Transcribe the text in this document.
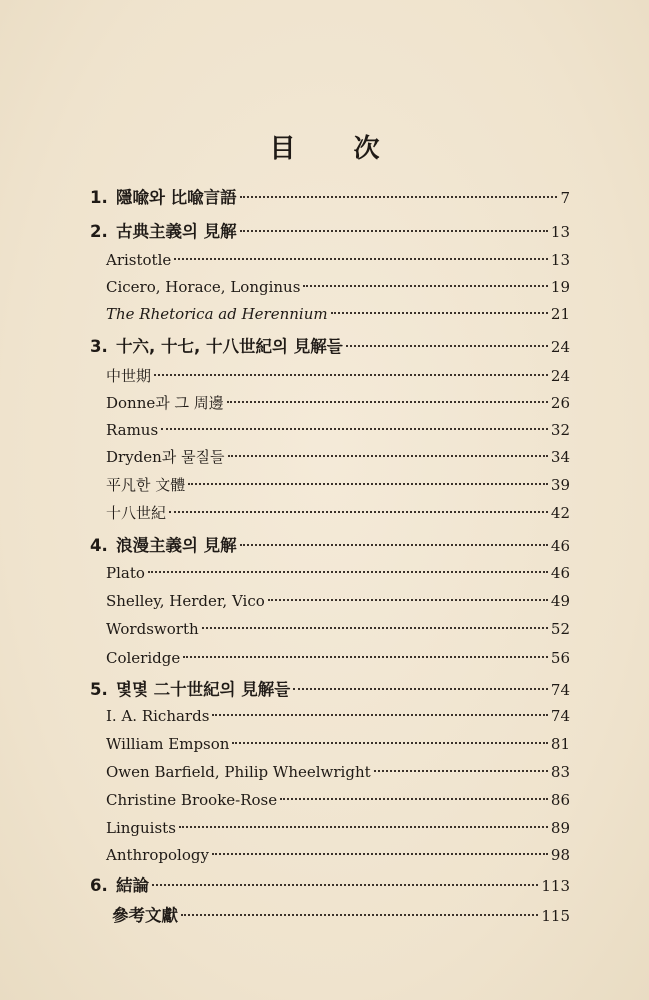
目次
1. 隱喩와 比喩言語	7
2. 古典主義의 見解	13
Aristotle	13
Cicero, Horace, Longinus	19
The Rhetorica ad Herennium	21
3. 十六, 十七, 十八世紀의 見解들	24
中世期	24
Donne과 그 周邊	26
Ramus	32
Dryden과 물질들	34
平凡한 文體	39
十八世紀	42
4. 浪漫主義의 見解	46
Plato	46
Shelley, Herder, Vico	49
Wordsworth	52
Coleridge	56
5. 몇몇 二十世紀의 見解들	74
I. A. Richards	74
William Empson	81
Owen Barfield, Philip Wheelwright	83
Christine Brooke-Rose	86
Linguists	89
Anthropology	98
6. 結論	113
參考文獻	115
